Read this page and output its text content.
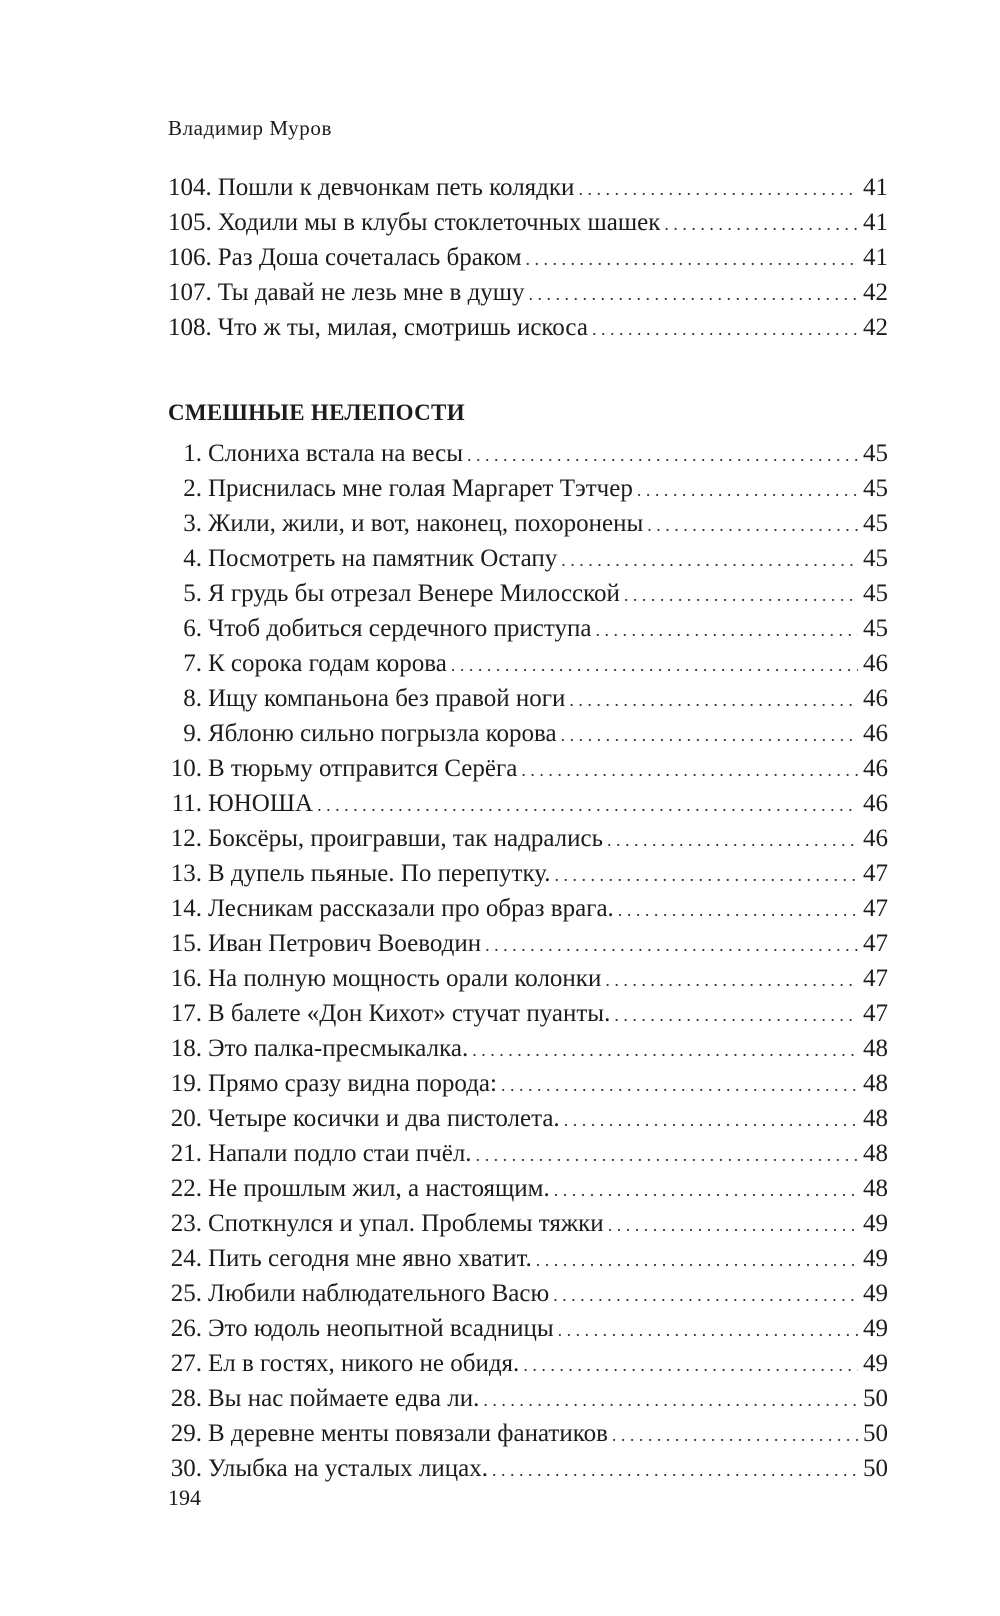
Владимир Муров

104. Пошли к девчонкам петь колядки . . .	41
105. Ходили мы в клубы стоклеточных шашек . . .	41
106. Раз Доша сочеталась браком . . .	41
107. Ты давай не лезь мне в душу . . .	42
108. Что ж ты, милая, смотришь искоса . . .	42
СМЕШНЫЕ НЕЛЕПОСТИ
1. Слониха встала на весы . . .	45
2. Приснилась мне голая Маргарет Тэтчер . . .	45
3. Жили, жили, и вот, наконец, похоронены . . .	45
4. Посмотреть на памятник Остапу . . .	45
5. Я грудь бы отрезал Венере Милосской . . .	45
6. Чтоб добиться сердечного приступа . . .	45
7. К сорока годам корова . . .	46
8. Ищу компаньона без правой ноги . . .	46
9. Яблоню сильно погрызла корова . . .	46
10. В тюрьму отправится Серёга . . .	46
11. ЮНОША . . .	46
12. Боксёры, проигравши, так надрались . . .	46
13. В дупель пьяные. По перепутку. . . .	47
14. Лесникам рассказали про образ врага. . . .	47
15. Иван Петрович Воеводин . . .	47
16. На полную мощность орали колонки . . .	47
17. В балете «Дон Кихот» стучат пуанты. . . .	47
18. Это палка-пресмыкалка. . . .	48
19. Прямо сразу видна порода: . . .	48
20. Четыре косички и два пистолета. . . .	48
21. Напали подло стаи пчёл. . . .	48
22. Не прошлым жил, а настоящим. . . .	48
23. Споткнулся и упал. Проблемы тяжки . . .	49
24. Пить сегодня мне явно хватит. . . .	49
25. Любили наблюдательного Васю . . .	49
26. Это юдоль неопытной всадницы . . .	49
27. Ел в гостях, никого не обидя. . . .	49
28. Вы нас поймаете едва ли. . . .	50
29. В деревне менты повязали фанатиков . . .	50
30. Улыбка на усталых лицах. . . .	50

194
